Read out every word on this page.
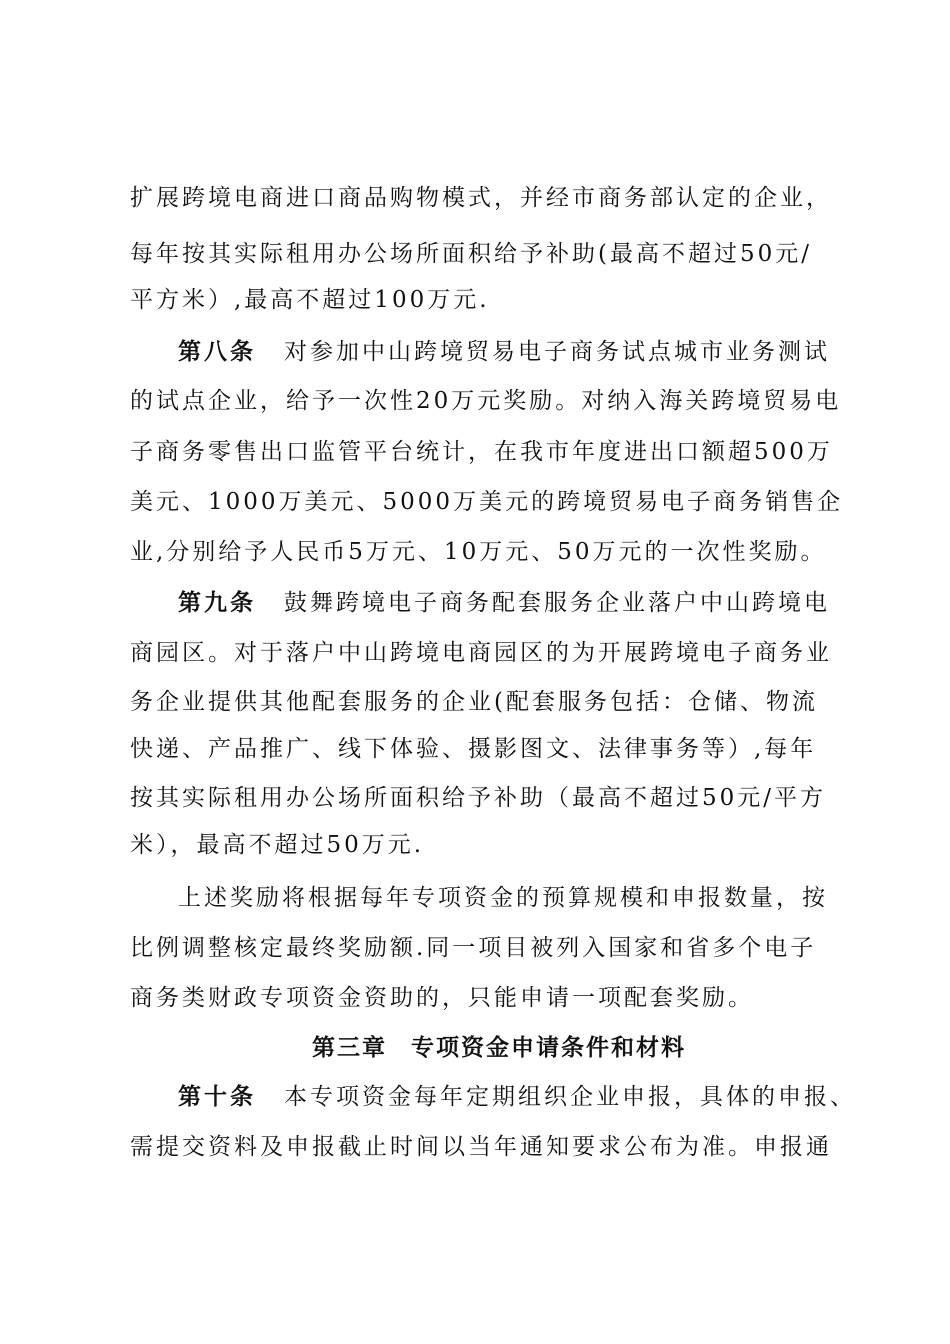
扩展跨境电商进口商品购物模式，并经市商务部认定的企业，
每年按其实际租用办公场所面积给予补助(最高不超过50元/
平方米）,最高不超过100万元.
第八条 对参加中山跨境贸易电子商务试点城市业务测试
的试点企业，给予一次性20万元奖励。对纳入海关跨境贸易电
子商务零售出口监管平台统计，在我市年度进出口额超500万
美元、1000万美元、5000万美元的跨境贸易电子商务销售企
业,分别给予人民币5万元、10万元、50万元的一次性奖励。
第九条 鼓舞跨境电子商务配套服务企业落户中山跨境电
商园区。对于落户中山跨境电商园区的为开展跨境电子商务业
务企业提供其他配套服务的企业(配套服务包括：仓储、物流
快递、产品推广、线下体验、摄影图文、法律事务等）,每年
按其实际租用办公场所面积给予补助（最高不超过50元/平方
米），最高不超过50万元.
上述奖励将根据每年专项资金的预算规模和申报数量，按
比例调整核定最终奖励额.同一项目被列入国家和省多个电子
商务类财政专项资金资助的，只能申请一项配套奖励。
第三章 专项资金申请条件和材料
第十条 本专项资金每年定期组织企业申报，具体的申报、
需提交资料及申报截止时间以当年通知要求公布为准。申报通
